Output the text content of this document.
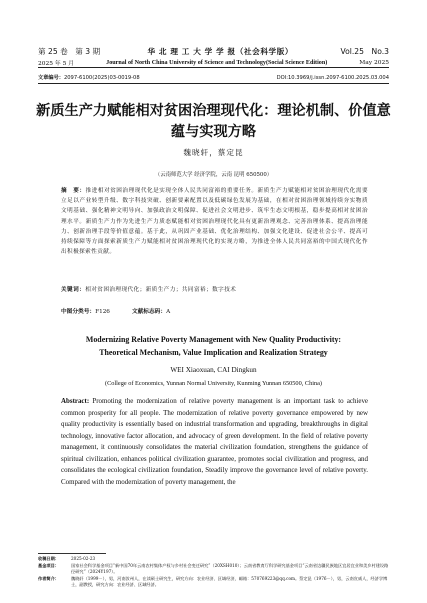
第 25 卷　第 3 期	华 北 理 工 大 学 学 报（社会科学版）	Vol.25　No.3
2025 年 5 月	Journal of North China University of Science and Technology(Social Science Edition)	May 2025
文章编号：2097-6100(2025)03-0019-08	DOI:10.3969/j.issn.2097-6100.2025.03.004
新质生产力赋能相对贫困治理现代化：理论机制、价值意蕴与实现方略
魏晓轩，蔡定昆
（云南师范大学 经济学院，云南 昆明 650500）
摘　要：推进相对贫困治理现代化是实现全体人民共同富裕的重要任务。新质生产力赋能相对贫困治理现代化需要立足以产业转型升级、数字科技突破、创新要素配置以及低碳绿色发展为基础，在相对贫困治理领域持续夯实物质文明基础、强化精神文明导向、加强政治文明保障、促进社会文明进步、筑牢生态文明根基，稳步提高相对贫困治理水平。新质生产力作为先进生产力质态赋能相对贫困治理现代化具有更新治理观念、完善治理体系、提高治理能力、创新治理手段等价值意蕴。基于此，从巩固产业基础、优化治理结构、加强文化建设、促进社会公平、提高可持续保障等方面探索新质生产力赋能相对贫困治理现代化的实现方略，为推进全体人民共同富裕的中国式现代化作出积极探索性贡献。
关键词：相对贫困治理现代化；新质生产力；共同富裕；数字技术
中图分类号：F126	文献标志码：A
Modernizing Relative Poverty Management with New Quality Productivity:
Theoretical Mechanism, Value Implication and Realization Strategy
WEI Xiaoxuan, CAI Dingkun
(College of Economics, Yunnan Normal University, Kunming Yunnan 650500, China)
Abstract: Promoting the modernization of relative poverty management is an important task to achieve common prosperity for all people. The modernization of relative poverty governance empowered by new quality productivity is essentially based on industrial transformation and upgrading, breakthroughs in digital technology, innovative factor allocation, and advocacy of green development. In the field of relative poverty management, it continuously consolidates the material civilization foundation, strengthens the guidance of spiritual civilization, enhances political civilization guarantee, promotes social civilization and progress, and consolidates the ecological civilization foundation, Steadily improve the governance level of relative poverty. Compared with the modernization of poverty management, the
收稿日期：	2025-02-23
基金项目：	国家社会科学基金项目“新中国70年云南农村集体产权与乡村社会变迁研究”（20XSH010）；云南省教育厅科学研究基金项目“云南省边疆民族地区宜居宜业和美乡村建设路径研究”（2024Y197）。
作者简介：	魏晓轩（1999－），男，河南汝州人，在读硕士研究生，研究方向：农业经济、区域经济，邮箱：570769223@qq.com。蔡定昆（1976－），男，云南宣威人，经济学博士，副教授，研究方向：农业经济、区域经济。
